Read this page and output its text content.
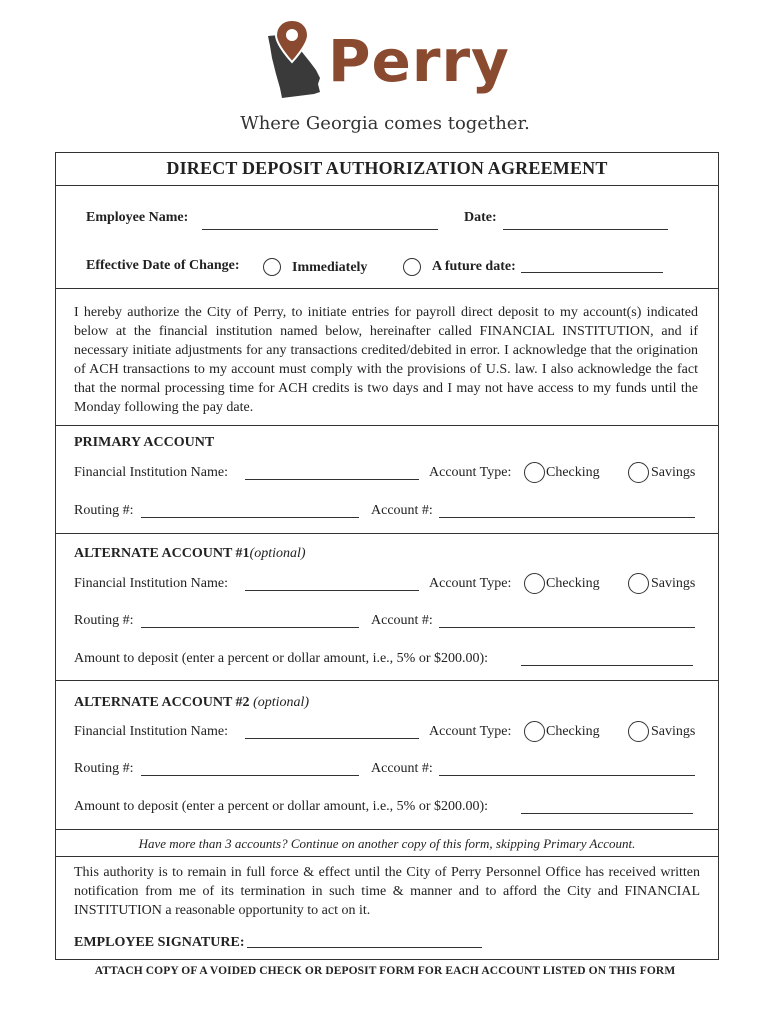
Perry
Where Georgia comes together.
DIRECT DEPOSIT AUTHORIZATION AGREEMENT
Employee Name:	Date:
Effective Date of Change:	Immediately	A future date:
I hereby authorize the City of Perry, to initiate entries for payroll direct deposit to my account(s) indicated below at the financial institution named below, hereinafter called FINANCIAL INSTITUTION, and if necessary initiate adjustments for any transactions credited/debited in error. I acknowledge that the origination of ACH transactions to my account must comply with the provisions of U.S. law. I also acknowledge the fact that the normal processing time for ACH credits is two days and I may not have access to my funds until the Monday following the pay date.
PRIMARY ACCOUNT
Financial Institution Name:	Account Type: Checking	Savings
Routing #:	Account #:
ALTERNATE ACCOUNT #1(optional)
Financial Institution Name:	Account Type: Checking	Savings
Routing #:	Account #:
Amount to deposit (enter a percent or dollar amount, i.e., 5% or $200.00):
ALTERNATE ACCOUNT #2 (optional)
Financial Institution Name:	Account Type: Checking	Savings
Routing #:	Account #:
Amount to deposit (enter a percent or dollar amount, i.e., 5% or $200.00):
Have more than 3 accounts? Continue on another copy of this form, skipping Primary Account.
This authority is to remain in full force & effect until the City of Perry Personnel Office has received written notification from me of its termination in such time & manner and to afford the City and FINANCIAL INSTITUTION a reasonable opportunity to act on it.
EMPLOYEE SIGNATURE:
ATTACH COPY OF A VOIDED CHECK OR DEPOSIT FORM FOR EACH ACCOUNT LISTED ON THIS FORM
